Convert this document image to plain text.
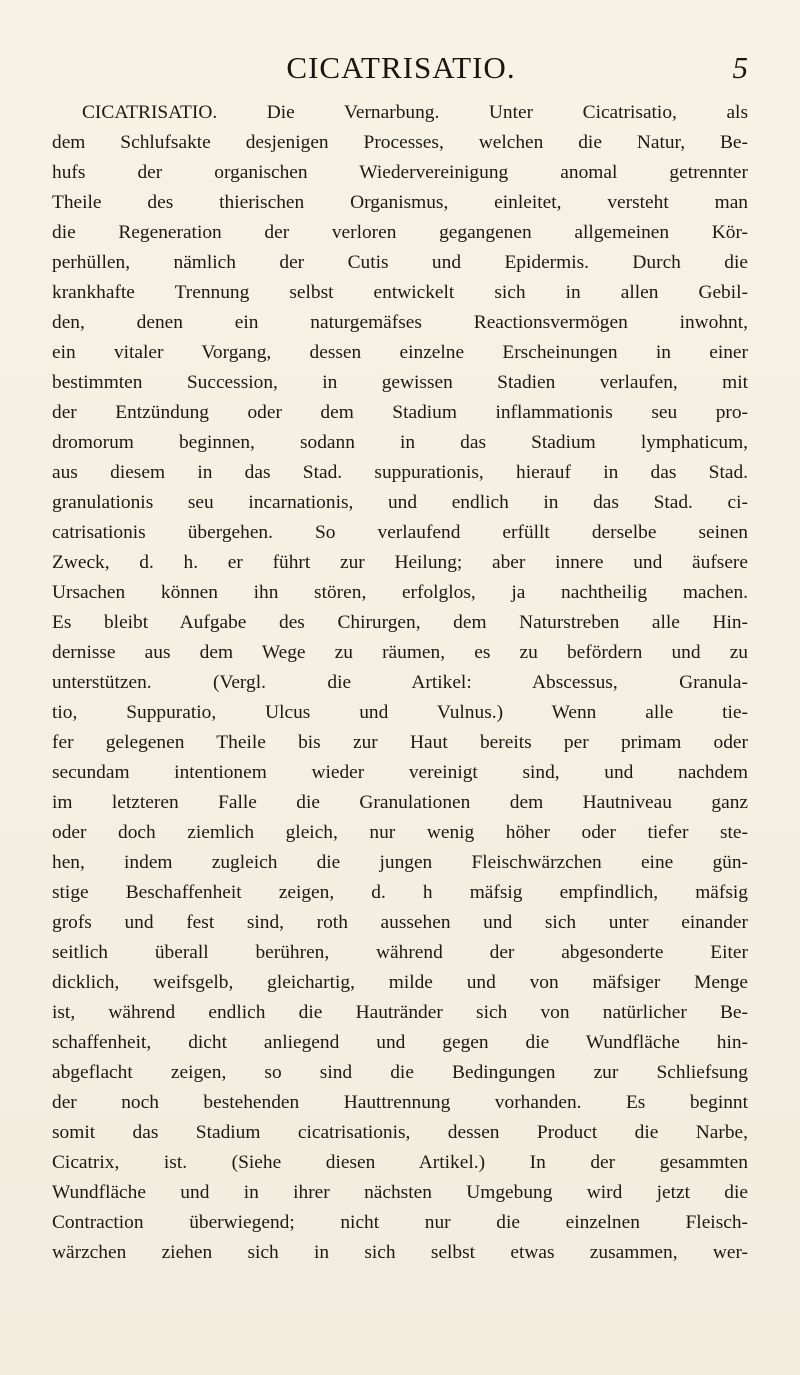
CICATRISATIO.	5
CICATRISATIO. Die Vernarbung. Unter Cicatrisatio, als
dem Schlufsakte desjenigen Processes, welchen die Natur, Be-
hufs der organischen Wiedervereinigung anomal getrennter
Theile des thierischen Organismus, einleitet, versteht man
die Regeneration der verloren gegangenen allgemeinen Kör-
perhüllen, nämlich der Cutis und Epidermis. Durch die
krankhafte Trennung selbst entwickelt sich in allen Gebil-
den, denen ein naturgemäfses Reactionsvermögen inwohnt,
ein vitaler Vorgang, dessen einzelne Erscheinungen in einer
bestimmten Succession, in gewissen Stadien verlaufen, mit
der Entzündung oder dem Stadium inflammationis seu pro-
dromorum beginnen, sodann in das Stadium lymphaticum,
aus diesem in das Stad. suppurationis, hierauf in das Stad.
granulationis seu incarnationis, und endlich in das Stad. ci-
catrisationis übergehen. So verlaufend erfüllt derselbe seinen
Zweck, d. h. er führt zur Heilung; aber innere und äufsere
Ursachen können ihn stören, erfolglos, ja nachtheilig machen.
Es bleibt Aufgabe des Chirurgen, dem Naturstreben alle Hin-
dernisse aus dem Wege zu räumen, es zu befördern und zu
unterstützen. (Vergl. die Artikel: Abscessus, Granula-
tio, Suppuratio, Ulcus und Vulnus.) Wenn alle tie-
fer gelegenen Theile bis zur Haut bereits per primam oder
secundam intentionem wieder vereinigt sind, und nachdem
im letzteren Falle die Granulationen dem Hautniveau ganz
oder doch ziemlich gleich, nur wenig höher oder tiefer ste-
hen, indem zugleich die jungen Fleischwärzchen eine gün-
stige Beschaffenheit zeigen, d. h mäfsig empfindlich, mäfsig
grofs und fest sind, roth aussehen und sich unter einander
seitlich überall berühren, während der abgesonderte Eiter
dicklich, weifsgelb, gleichartig, milde und von mäfsiger Menge
ist, während endlich die Hautränder sich von natürlicher Be-
schaffenheit, dicht anliegend und gegen die Wundfläche hin-
abgeflacht zeigen, so sind die Bedingungen zur Schliefsung
der noch bestehenden Hauttrennung vorhanden. Es beginnt
somit das Stadium cicatrisationis, dessen Product die Narbe,
Cicatrix, ist. (Siehe diesen Artikel.) In der gesammten
Wundfläche und in ihrer nächsten Umgebung wird jetzt die
Contraction überwiegend; nicht nur die einzelnen Fleisch-
wärzchen ziehen sich in sich selbst etwas zusammen, wer-
